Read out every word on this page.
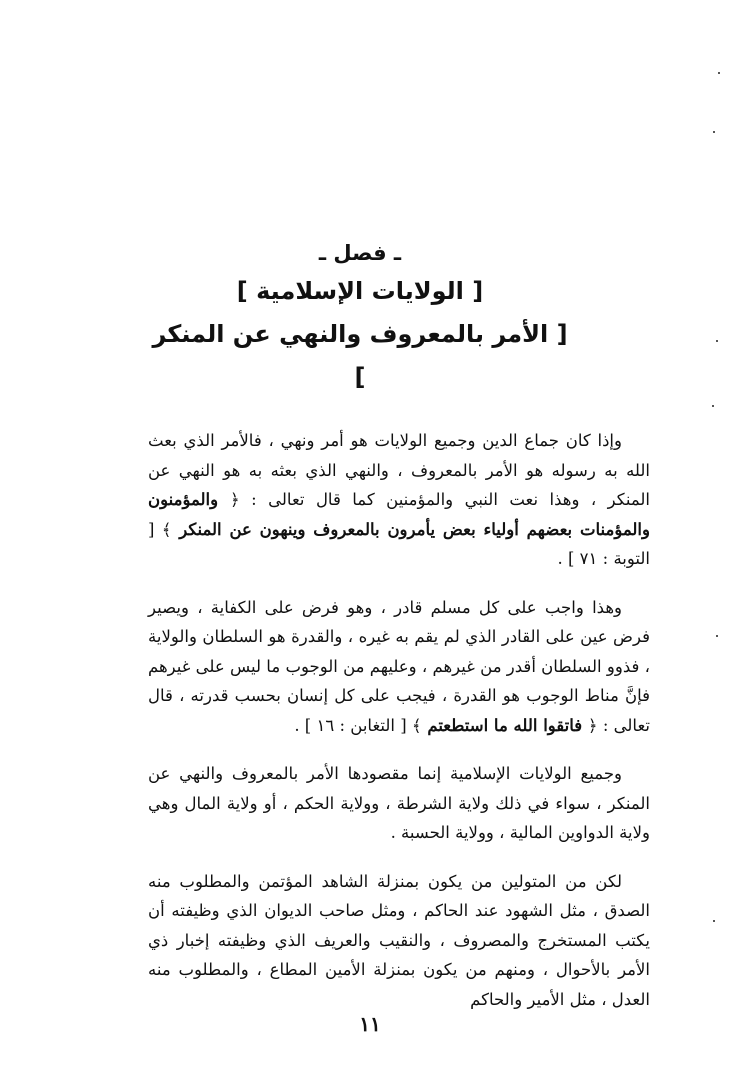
ـ فصل ـ
[ الولايات الإسلامية ]
[ الأمر بالمعروف والنهي عن المنكر ]

وإذا كان جماع الدين وجميع الولايات هو أمر ونهي ، فالأمر الذي بعث الله به رسوله هو الأمر بالمعروف ، والنهي الذي بعثه به هو النهي عن المنكر ، وهذا نعت النبي والمؤمنين كما قال تعالى : ﴿ والمؤمنون والمؤمنات بعضهم أولياء بعض يأمرون بالمعروف وينهون عن المنكر ﴾ [ التوبة : ٧١ ] .

وهذا واجب على كل مسلم قادر ، وهو فرض على الكفاية ، ويصير فرض عين على القادر الذي لم يقم به غيره ، والقدرة هو السلطان والولاية ، فذوو السلطان أقدر من غيرهم ، وعليهم من الوجوب ما ليس على غيرهم فإنَّ مناط الوجوب هو القدرة ، فيجب على كل إنسان بحسب قدرته ، قال تعالى : ﴿ فاتقوا الله ما استطعتم ﴾ [ التغابن : ١٦ ] .

وجميع الولايات الإسلامية إنما مقصودها الأمر بالمعروف والنهي عن المنكر ، سواء في ذلك ولاية الشرطة ، وولاية الحكم ، أو ولاية المال وهي ولاية الدواوين المالية ، وولاية الحسبة .

لكن من المتولين من يكون بمنزلة الشاهد المؤتمن والمطلوب منه الصدق ، مثل الشهود عند الحاكم ، ومثل صاحب الديوان الذي وظيفته أن يكتب المستخرج والمصروف ، والنقيب والعريف الذي وظيفته إخبار ذي الأمر بالأحوال ، ومنهم من يكون بمنزلة الأمين المطاع ، والمطلوب منه العدل ، مثل الأمير والحاكم

١١
